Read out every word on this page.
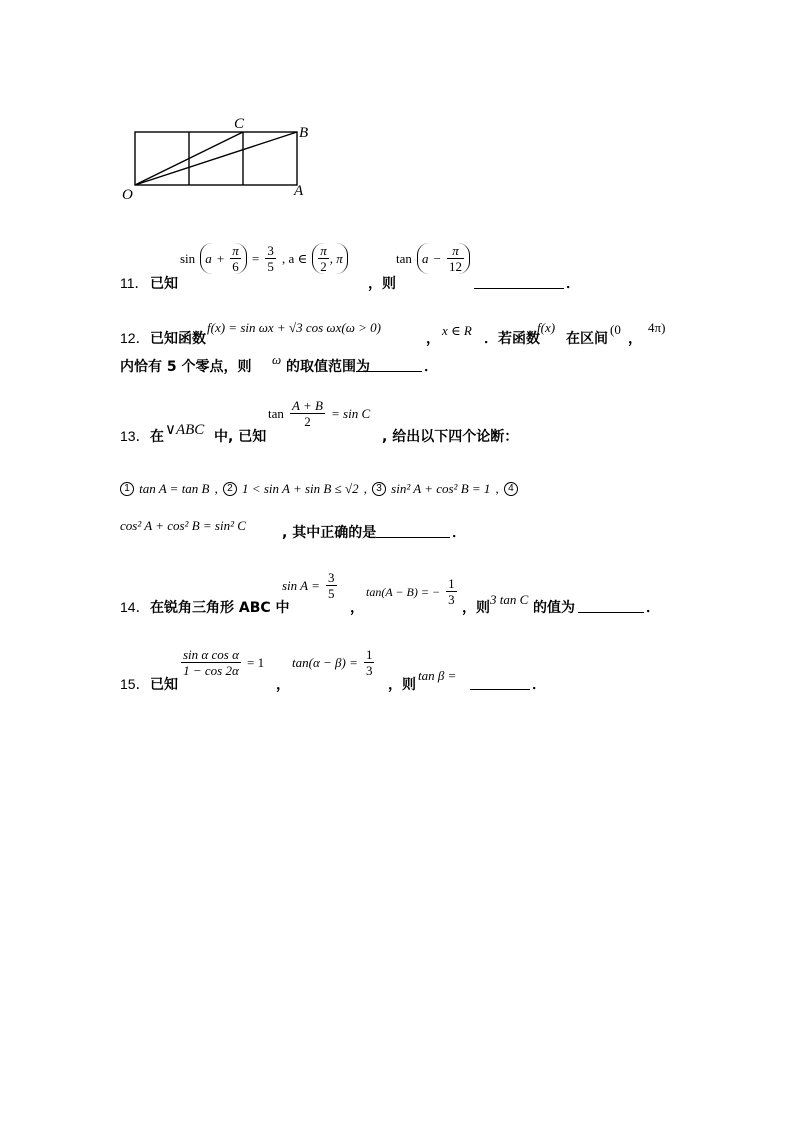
C
B
O	A
11． 已知
$\sin a + \frac{\pi}{6} = \frac{3}{5}$ , a ∈ $\frac{\pi}{2}$ , π
，则
$\tan a - \frac{\pi}{12}$
．
12． 已知函数
f(x) = sin ωx + √3 cos ωx(ω > 0)
，
x ∈ R
．若函数
f(x)
在区间
(0
，
4π)
内恰有 5 个零点，则 ω 的取值范围为	．
13． 在 ∨ABC 中, 已知
$\tan \frac{A + B}{2} = \sin C$
, 给出以下四个论断：
1 tan A = tan B , 2 1 < sin A + sin B ≤ √2 , 3 sin² A + cos² B = 1 , 4
cos² A + cos² B = sin² C	, 其中正确的是	．
14． 在锐角三角形 ABC 中
$\sin A = \frac{3}{5}$
，
tan(A − B) = − $\frac{1}{3}$
，则
3 tan C
的值为	．
15． 已知
$\frac{\text{sin α cos α}}{1 - \cos 2\alpha} = 1$
，
$\tan(\alpha - \beta) = \frac{1}{3}$
，则
tan β =
．
